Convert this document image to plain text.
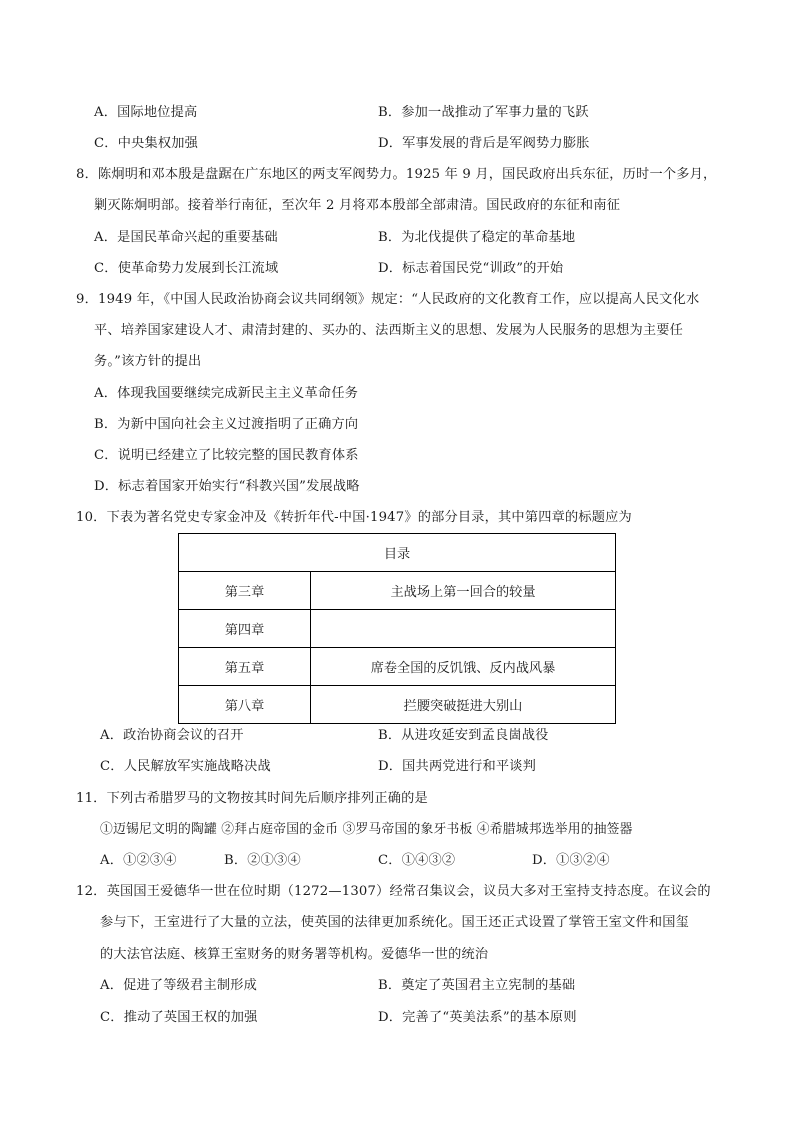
A．国际地位提高	B．参加一战推动了军事力量的飞跃
C．中央集权加强	D．军事发展的背后是军阀势力膨胀
8．陈炯明和邓本殷是盘踞在广东地区的两支军阀势力。1925 年 9 月，国民政府出兵东征，历时一个多月，
剿灭陈炯明部。接着举行南征，至次年 2 月将邓本殷部全部肃清。国民政府的东征和南征
A．是国民革命兴起的重要基础	B．为北伐提供了稳定的革命基地
C．使革命势力发展到长江流域	D．标志着国民党“训政”的开始
9．1949 年，《中国人民政治协商会议共同纲领》规定：“人民政府的文化教育工作，应以提高人民文化水
平、培养国家建设人才、肃清封建的、买办的、法西斯主义的思想、发展为人民服务的思想为主要任
务。”该方针的提出
A．体现我国要继续完成新民主主义革命任务
B．为新中国向社会主义过渡指明了正确方向
C．说明已经建立了比较完整的国民教育体系
D．标志着国家开始实行“科教兴国”发展战略
10．下表为著名党史专家金冲及《转折年代-中国·1947》的部分目录，其中第四章的标题应为
目录	
第三章	主战场上第一回合的较量
第四章	
第五章	席卷全国的反饥饿、反内战风暴
第八章	拦腰突破挺进大别山
A．政治协商会议的召开	B．从进攻延安到孟良崮战役
C．人民解放军实施战略决战	D．国共两党进行和平谈判
11．下列古希腊罗马的文物按其时间先后顺序排列正确的是
①迈锡尼文明的陶罐 ②拜占庭帝国的金币 ③罗马帝国的象牙书板 ④希腊城邦选举用的抽签器
A．①②③④	B．②①③④	C．①④③②	D．①③②④
12．英国国王爱德华一世在位时期（1272—1307）经常召集议会，议员大多对王室持支持态度。在议会的
参与下，王室进行了大量的立法，使英国的法律更加系统化。国王还正式设置了掌管王室文件和国玺
的大法官法庭、核算王室财务的财务署等机构。爱德华一世的统治
A．促进了等级君主制形成	B．奠定了英国君主立宪制的基础
C．推动了英国王权的加强	D．完善了“英美法系”的基本原则
